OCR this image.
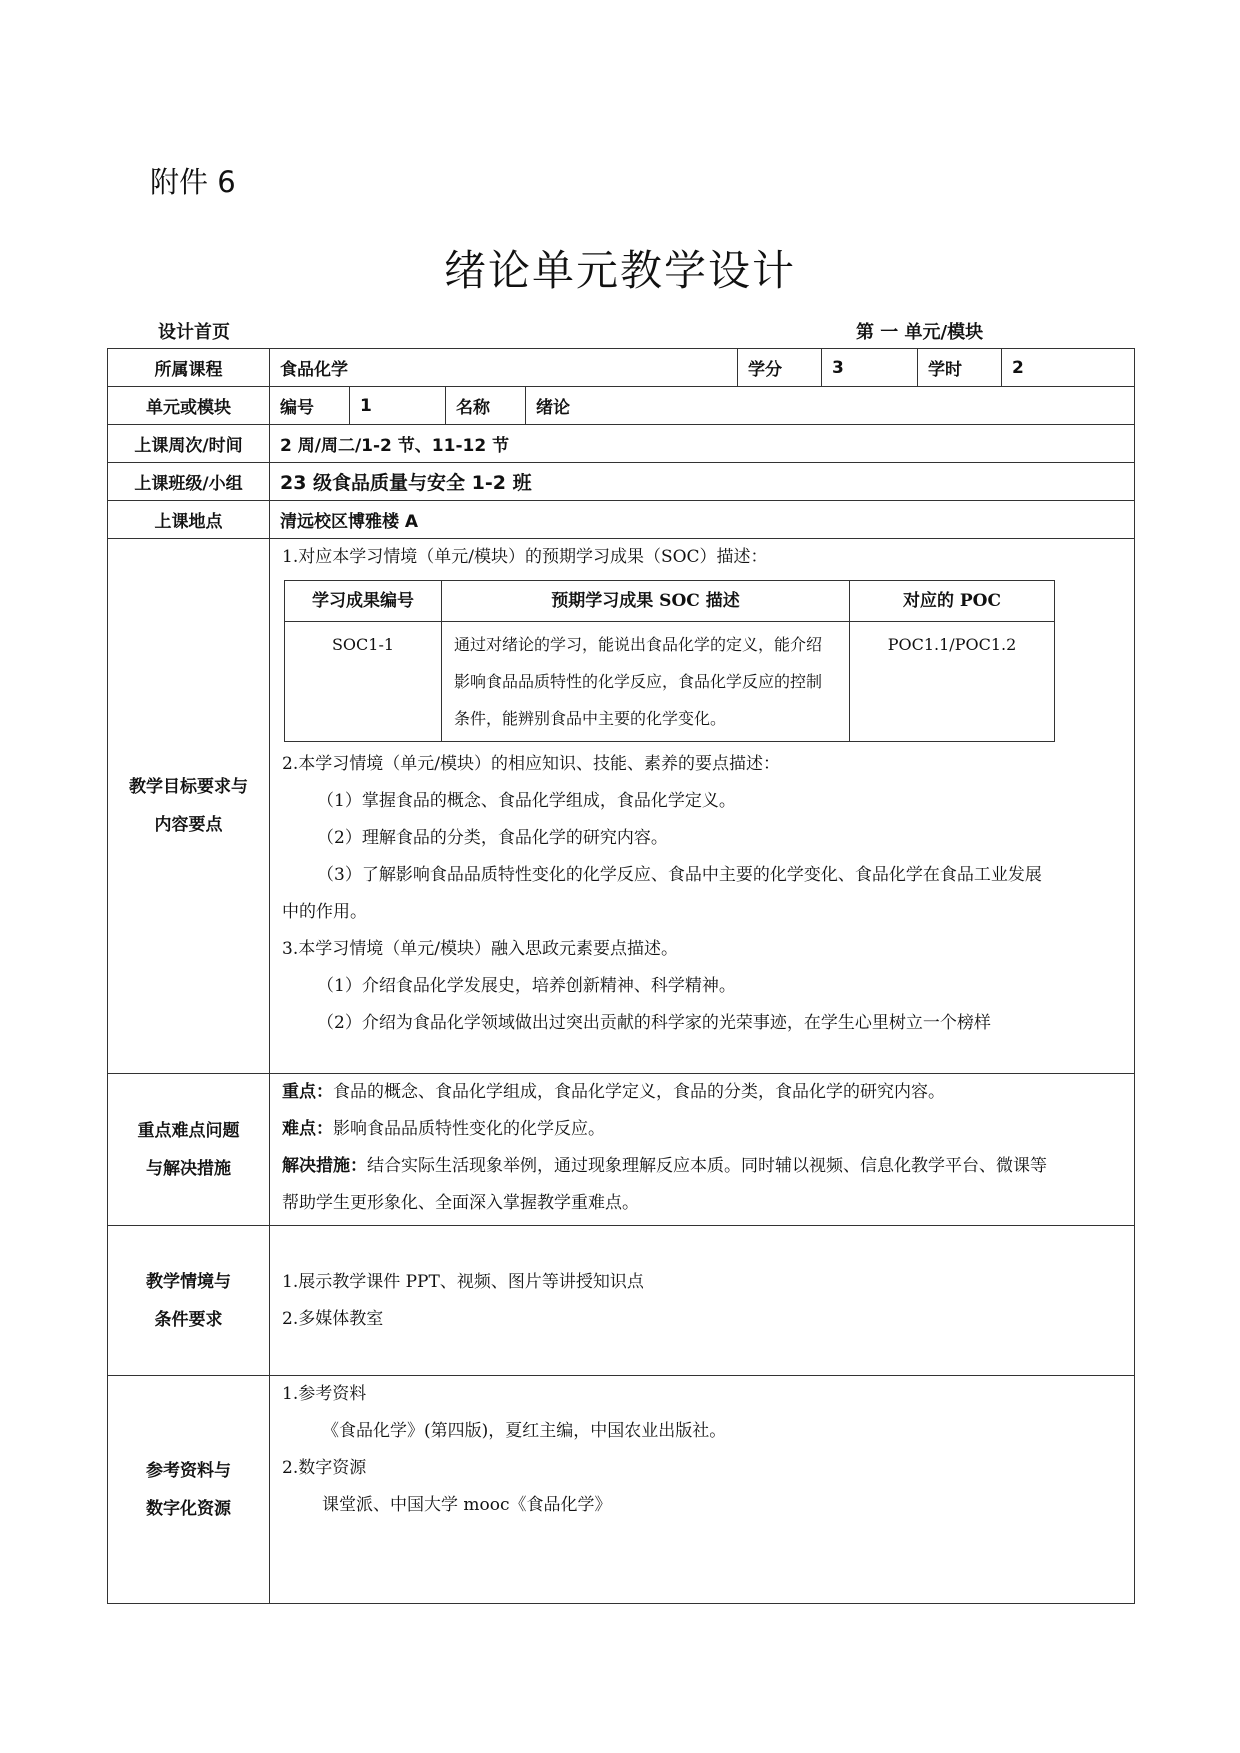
附件 6
绪论单元教学设计
设计首页	第 一 单元/模块
所属课程	食品化学	学分	3	学时	2
单元或模块	编号	1	名称	绪论
上课周次/时间	2 周/周二/1-2 节、11-12 节
上课班级/小组	23 级食品质量与安全 1-2 班
上课地点	清远校区博雅楼 A

教学目标要求与
内容要点

1.对应本学习情境（单元/模块）的预期学习成果（SOC）描述：
学习成果编号	预期学习成果 SOC 描述	对应的 POC
SOC1-1	通过对绪论的学习，能说出食品化学的定义，能介绍影响食品品质特性的化学反应，食品化学反应的控制条件，能辨别食品中主要的化学变化。	POC1.1/POC1.2
2.本学习情境（单元/模块）的相应知识、技能、素养的要点描述：
（1）掌握食品的概念、食品化学组成，食品化学定义。
（2）理解食品的分类，食品化学的研究内容。
（3）了解影响食品品质特性变化的化学反应、食品中主要的化学变化、食品化学在食品工业发展
中的作用。
3.本学习情境（单元/模块）融入思政元素要点描述。
（1）介绍食品化学发展史，培养创新精神、科学精神。
（2）介绍为食品化学领域做出过突出贡献的科学家的光荣事迹，在学生心里树立一个榜样

重点难点问题
与解决措施

重点：食品的概念、食品化学组成，食品化学定义，食品的分类，食品化学的研究内容。
难点：影响食品品质特性变化的化学反应。
解决措施：结合实际生活现象举例，通过现象理解反应本质。同时辅以视频、信息化教学平台、微课等
帮助学生更形象化、全面深入掌握教学重难点。

教学情境与
条件要求

1.展示教学课件 PPT、视频、图片等讲授知识点
2.多媒体教室

参考资料与
数字化资源

1.参考资料
《食品化学》(第四版)，夏红主编，中国农业出版社。
2.数字资源
课堂派、中国大学 mooc《食品化学》
